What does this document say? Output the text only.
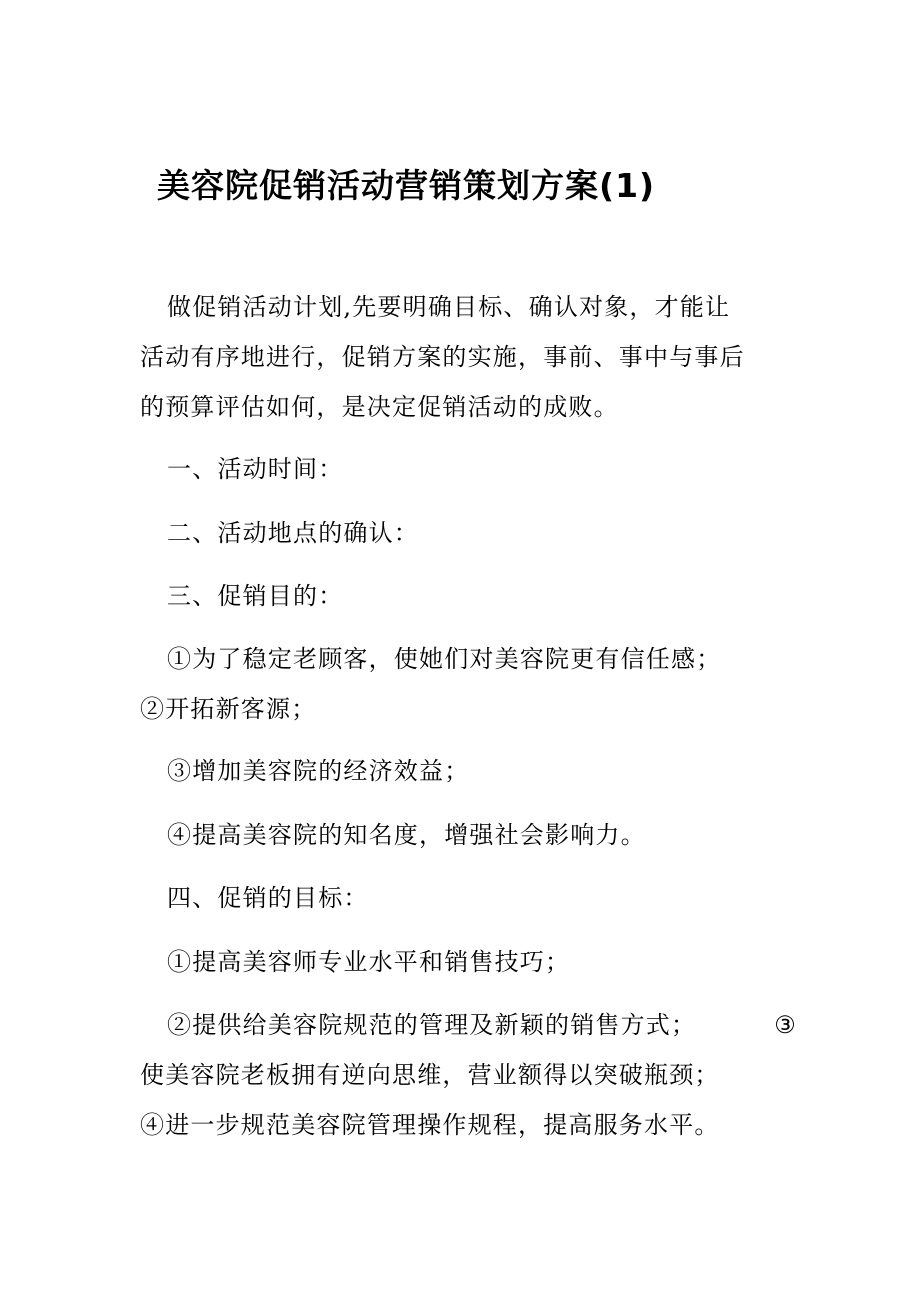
美容院促销活动营销策划方案(1)
做促销活动计划,先要明确目标、确认对象，才能让
活动有序地进行，促销方案的实施，事前、事中与事后
的预算评估如何，是决定促销活动的成败。
一、活动时间：
二、活动地点的确认：
三、促销目的：
①为了稳定老顾客，使她们对美容院更有信任感；
②开拓新客源；
③增加美容院的经济效益；
④提高美容院的知名度，增强社会影响力。
四、促销的目标：
①提高美容师专业水平和销售技巧；
②提供给美容院规范的管理及新颖的销售方式；	③
使美容院老板拥有逆向思维，营业额得以突破瓶颈；
④进一步规范美容院管理操作规程，提高服务水平。
